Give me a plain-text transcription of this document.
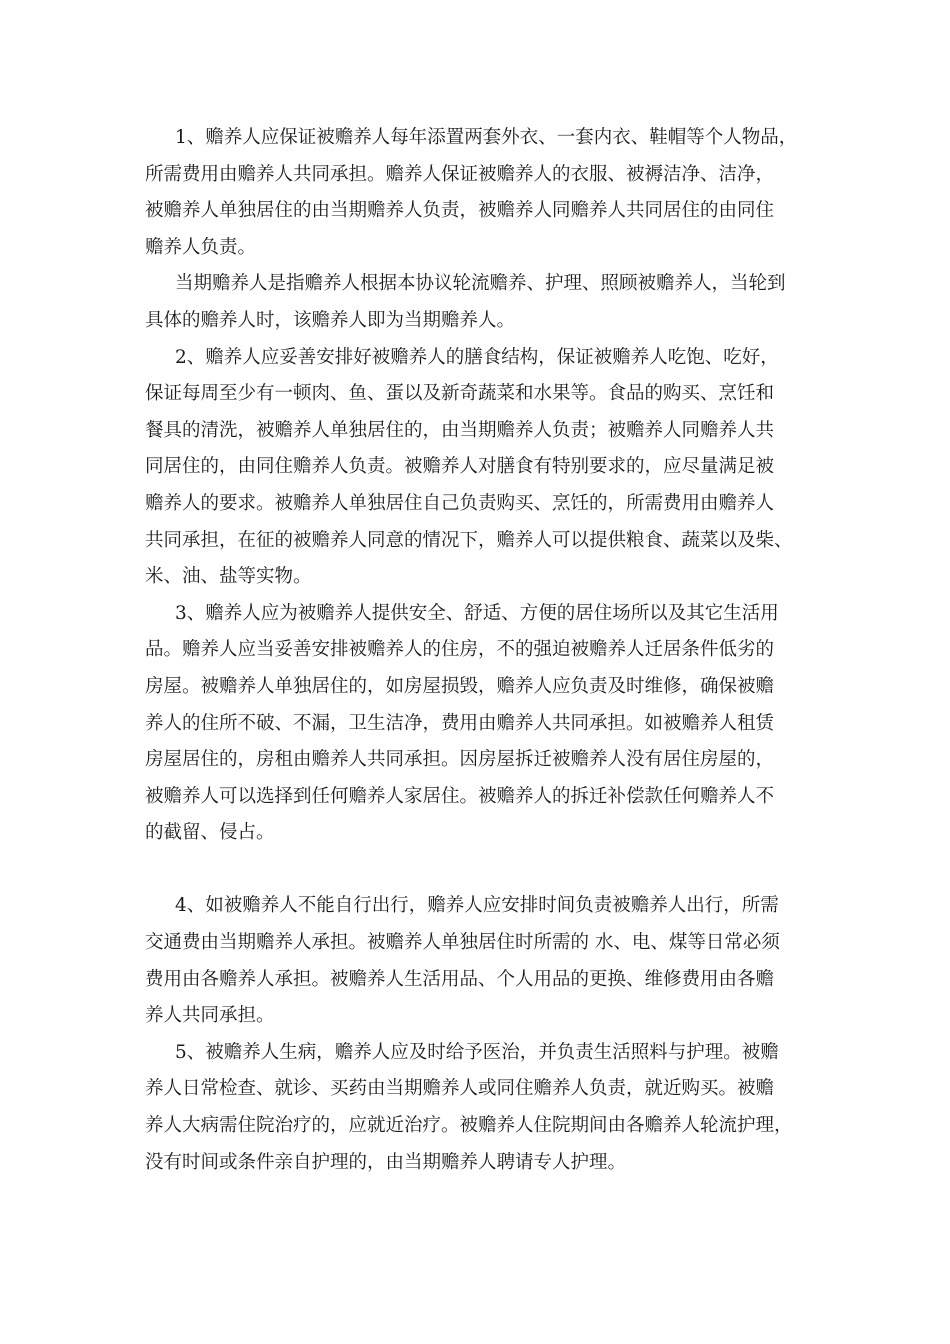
1、赡养人应保证被赡养人每年添置两套外衣、一套内衣、鞋帽等个人物品，
所需费用由赡养人共同承担。赡养人保证被赡养人的衣服、被褥洁净、洁净，
被赡养人单独居住的由当期赡养人负责，被赡养人同赡养人共同居住的由同住
赡养人负责。
当期赡养人是指赡养人根据本协议轮流赡养、护理、照顾被赡养人，当轮到
具体的赡养人时，该赡养人即为当期赡养人。
2、赡养人应妥善安排好被赡养人的膳食结构，保证被赡养人吃饱、吃好，
保证每周至少有一顿肉、鱼、蛋以及新奇蔬菜和水果等。食品的购买、烹饪和
餐具的清洗，被赡养人单独居住的，由当期赡养人负责；被赡养人同赡养人共
同居住的，由同住赡养人负责。被赡养人对膳食有特别要求的，应尽量满足被
赡养人的要求。被赡养人单独居住自己负责购买、烹饪的，所需费用由赡养人
共同承担，在征的被赡养人同意的情况下，赡养人可以提供粮食、蔬菜以及柴、
米、油、盐等实物。
3、赡养人应为被赡养人提供安全、舒适、方便的居住场所以及其它生活用
品。赡养人应当妥善安排被赡养人的住房，不的强迫被赡养人迁居条件低劣的
房屋。被赡养人单独居住的，如房屋损毁，赡养人应负责及时维修，确保被赡
养人的住所不破、不漏，卫生洁净，费用由赡养人共同承担。如被赡养人租赁
房屋居住的，房租由赡养人共同承担。因房屋拆迁被赡养人没有居住房屋的，
被赡养人可以选择到任何赡养人家居住。被赡养人的拆迁补偿款任何赡养人不
的截留、侵占。
4、如被赡养人不能自行出行，赡养人应安排时间负责被赡养人出行，所需
交通费由当期赡养人承担。被赡养人单独居住时所需的 水、电、煤等日常必须
费用由各赡养人承担。被赡养人生活用品、个人用品的更换、维修费用由各赡
养人共同承担。
5、被赡养人生病，赡养人应及时给予医治，并负责生活照料与护理。被赡
养人日常检查、就诊、买药由当期赡养人或同住赡养人负责，就近购买。被赡
养人大病需住院治疗的，应就近治疗。被赡养人住院期间由各赡养人轮流护理，
没有时间或条件亲自护理的，由当期赡养人聘请专人护理。
